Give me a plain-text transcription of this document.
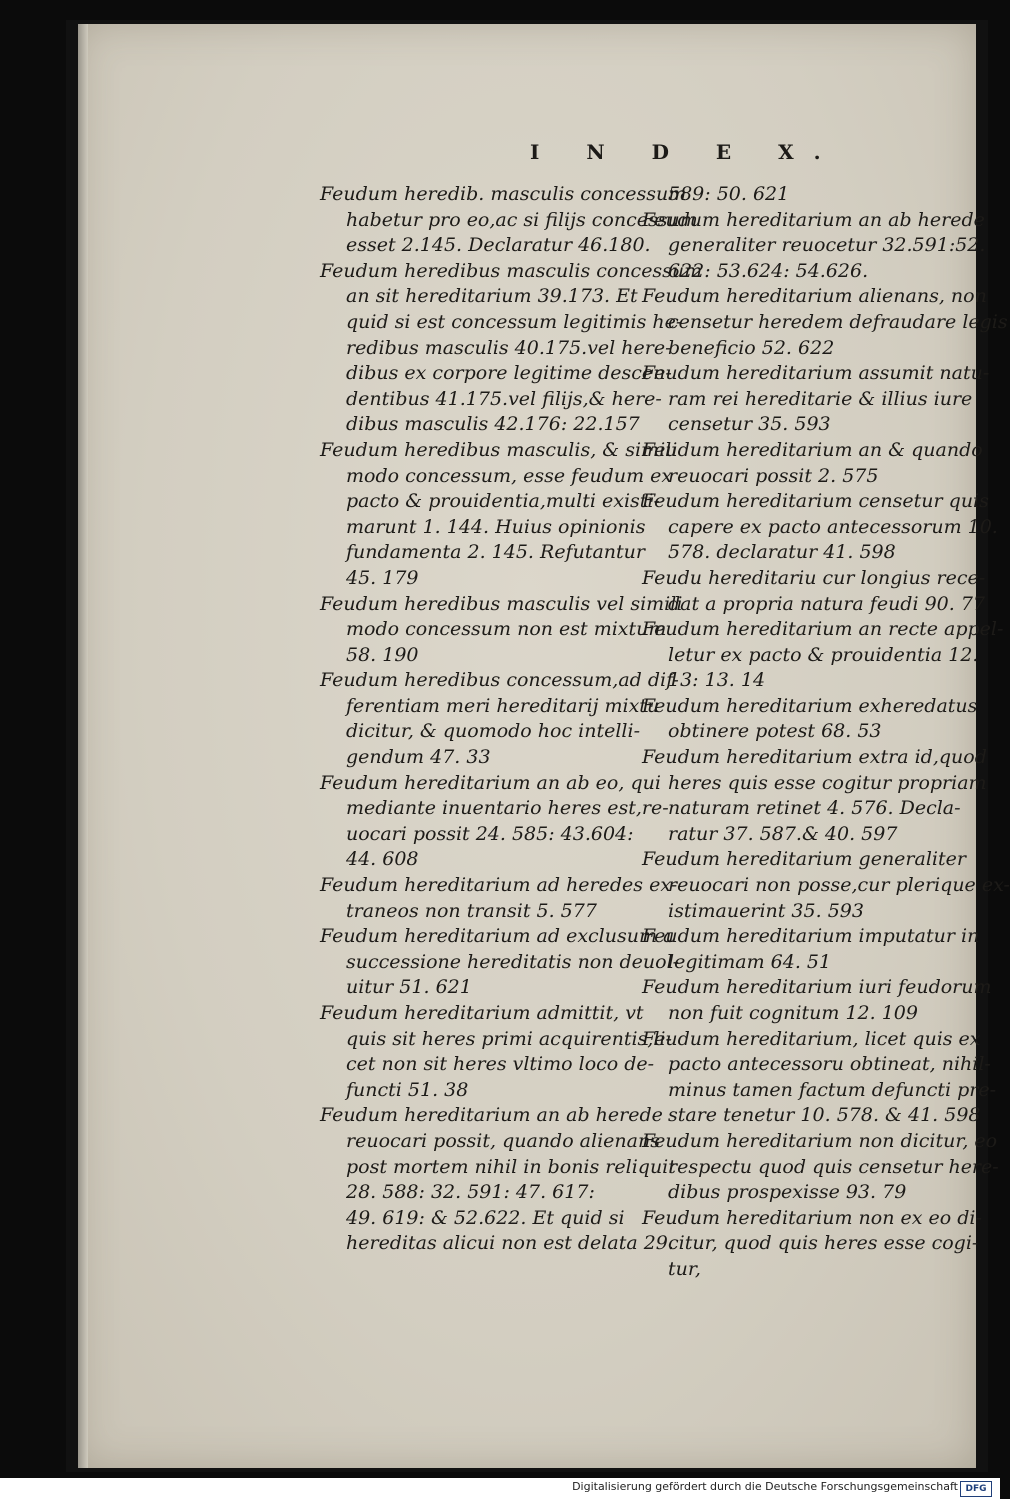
I N D E X.
Feudum heredib. masculis concessum
habetur pro eo,ac si filijs concessum
esset 2.145. Declaratur 46.180.
Feudum heredibus masculis concessum
an sit hereditarium 39.173. Et
quid si est concessum legitimis he-
redibus masculis 40.175.vel here-
dibus ex corpore legitime descen-
dentibus 41.175.vel filijs,& here-
dibus masculis 42.176: 22.157
Feudum heredibus masculis, & simili
modo concessum, esse feudum ex
pacto & prouidentia,multi existi-
marunt 1. 144. Huius opinionis
fundamenta 2. 145. Refutantur
45. 179
Feudum heredibus masculis vel simili
modo concessum non est mixtum
58. 190
Feudum heredibus concessum,ad dif-
ferentiam meri hereditarij mixtu
dicitur, & quomodo hoc intelli-
gendum 47. 33
Feudum hereditarium an ab eo, qui
mediante inuentario heres est,re-
uocari possit 24. 585: 43.604:
44. 608
Feudum hereditarium ad heredes ex-
traneos non transit 5. 577
Feudum hereditarium ad exclusum a
successione hereditatis non deuol-
uitur 51. 621
Feudum hereditarium admittit, vt
quis sit heres primi acquirentis,li-
cet non sit heres vltimo loco de-
functi 51. 38
Feudum hereditarium an ab herede
reuocari possit, quando alienans
post mortem nihil in bonis reliquit
28. 588: 32. 591: 47. 617:
49. 619: & 52.622. Et quid si
hereditas alicui non est delata 29.
589: 50. 621
Feudum hereditarium an ab herede
generaliter reuocetur 32.591:52.
622: 53.624: 54.626.
Feudum hereditarium alienans, non
censetur heredem defraudare legis
beneficio 52. 622
Feudum hereditarium assumit natu-
ram rei hereditarie & illius iure
censetur 35. 593
Feudum hereditarium an & quando
reuocari possit 2. 575
Feudum hereditarium censetur quis
capere ex pacto antecessorum 10.
578. declaratur 41. 598
Feudu hereditariu cur longius rece-
dat a propria natura feudi 90. 77
Feudum hereditarium an recte appel-
letur ex pacto & prouidentia 12.
13: 13. 14
Feudum hereditarium exheredatus
obtinere potest 68. 53
Feudum hereditarium extra id,quod
heres quis esse cogitur propriam
naturam retinet 4. 576. Decla-
ratur 37. 587.& 40. 597
Feudum hereditarium generaliter
reuocari non posse,cur plerique ex-
istimauerint 35. 593
Feudum hereditarium imputatur in
legitimam 64. 51
Feudum hereditarium iuri feudorum
non fuit cognitum 12. 109
Feudum hereditarium, licet quis ex
pacto antecessoru obtineat, nihil-
minus tamen factum defuncti pre-
stare tenetur 10. 578. & 41. 598
Feudum hereditarium non dicitur, eo
respectu quod quis censetur here-
dibus prospexisse 93. 79
Feudum hereditarium non ex eo di-
citur, quod quis heres esse cogi-
tur,
Digitalisierung gefördert durch die Deutsche Forschungsgemeinschaft DFG
